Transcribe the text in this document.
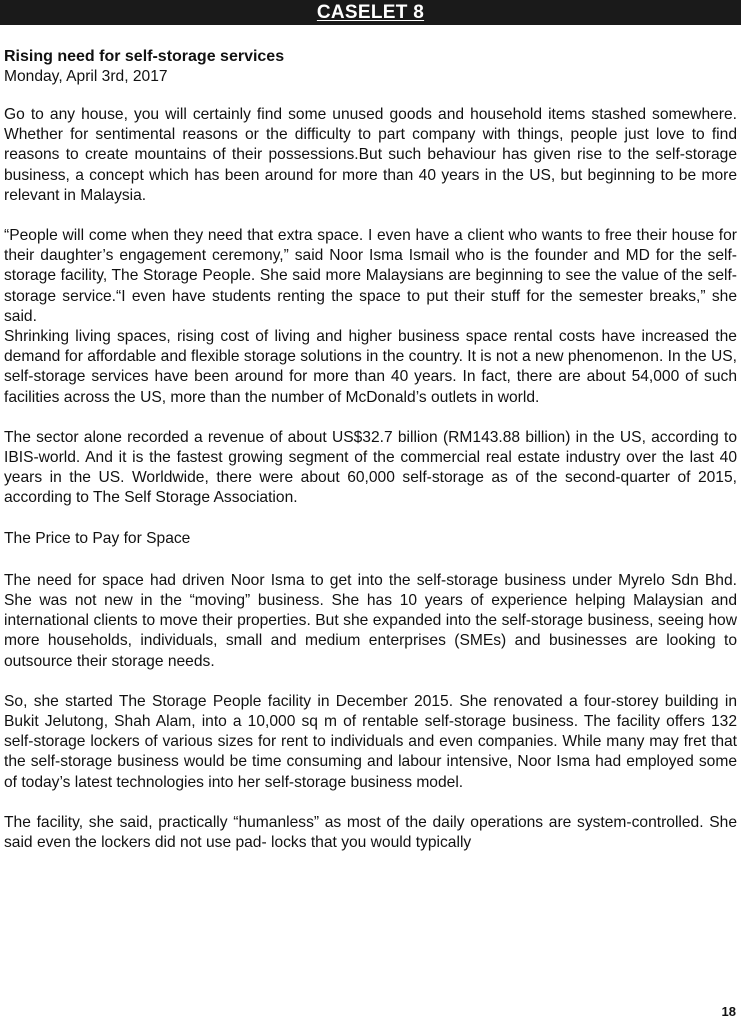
CASELET 8

Rising need for self-storage services

Monday, April 3rd, 2017

Go to any house, you will certainly find some unused goods and household items stashed somewhere. Whether for sentimental reasons or the difficulty to part company with things, people just love to find reasons to create mountains of their possessions.But such behaviour has given rise to the self-storage business, a concept which has been around for more than 40 years in the US, but beginning to be more relevant in Malaysia.

“People will come when they need that extra space. I even have a client who wants to free their house for their daughter’s engagement ceremony,” said Noor Isma Ismail who is the founder and MD for the self-storage facility, The Storage People. She said more Malaysians are beginning to see the value of the self-storage service.“I even have students renting the space to put their stuff for the semester breaks,” she said.

Shrinking living spaces, rising cost of living and higher business space rental costs have increased the demand for affordable and flexible storage solutions in the country. It is not a new phenomenon. In the US, self-storage services have been around for more than 40 years. In fact, there are about 54,000 of such facilities across the US, more than the number of McDonald’s outlets in world.

The sector alone recorded a revenue of about US$32.7 billion (RM143.88 billion) in the US, according to IBIS-world. And it is the fastest growing segment of the commercial real estate industry over the last 40 years in the US. Worldwide, there were about 60,000 self-storage as of the second-quarter of 2015, according to The Self Storage Association.

The Price to Pay for Space

The need for space had driven Noor Isma to get into the self-storage business under Myrelo Sdn Bhd. She was not new in the “moving” business. She has 10 years of experience helping Malaysian and international clients to move their properties. But she expanded into the self-storage business, seeing how more households, individuals, small and medium enterprises (SMEs) and businesses are looking to outsource their storage needs.

So, she started The Storage People facility in December 2015. She renovated a four-storey building in Bukit Jelutong, Shah Alam, into a 10,000 sq m of rentable self-storage business. The facility offers 132 self-storage lockers of various sizes for rent to individuals and even companies. While many may fret that the self-storage business would be time consuming and labour intensive, Noor Isma had employed some of today’s latest technologies into her self-storage business model.

The facility, she said, practically “humanless” as most of the daily operations are system-controlled. She said even the lockers did not use pad- locks that you would typically

18
